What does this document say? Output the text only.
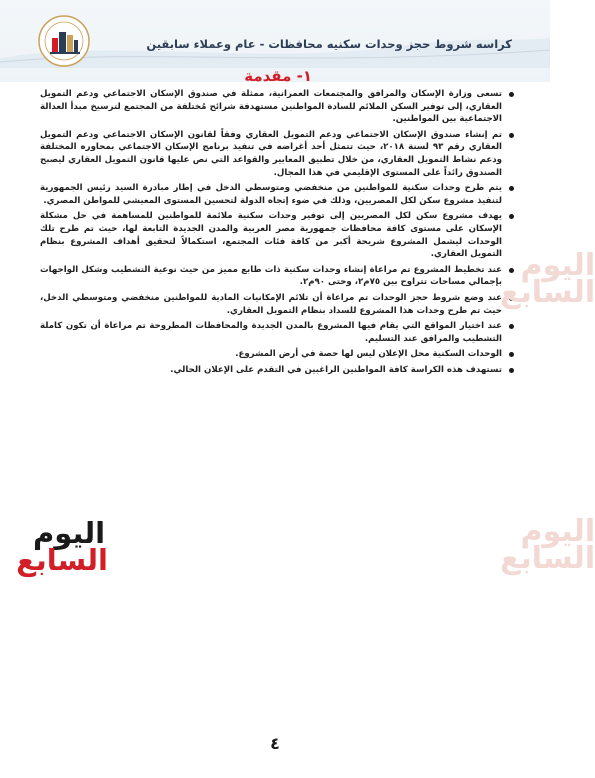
كراسه شروط حجز وحدات سكنيه محافظات - عام وعملاء سابقين
١- مقدمة
تسعى وزارة الإسكان والمرافق والمجتمعات العمرانية، ممثلة في صندوق الإسكان الاجتماعي ودعم التمويل العقاري، إلى توفير السكن الملائم للسادة المواطنين مستهدفة شرائح مُختلفة من المجتمع لترسيخ مبدأ العدالة الاجتماعية بين المواطنين.
تم إنشاء صندوق الإسكان الاجتماعي ودعم التمويل العقاري وفقاً لقانون الإسكان الاجتماعي ودعم التمويل العقاري رقم ٩٣ لسنة ٢٠١٨، حيث تتمثل أحد أغراضه في تنفيذ برنامج الإسكان الاجتماعي بمحاوره المختلفة ودعم نشاط التمويل العقاري، من خلال تطبيق المعايير والقواعد التي نص عليها قانون التمويل العقاري ليصبح الصندوق رائداً على المستوى الإقليمي في هذا المجال.
يتم طرح وحدات سكنية للمواطنين من منخفضي ومتوسطي الدخل في إطار مبادرة السيد رئيس الجمهورية لتنفيذ مشروع سكن لكل المصريين، وذلك في ضوء إتجاه الدولة لتحسين المستوى المعيشي للمواطن المصري.
يهدف مشروع سكن لكل المصريين إلى توفير وحدات سكنية ملائمة للمواطنين للمساهمة في حل مشكلة الإسكان على مستوى كافة محافظات جمهورية مصر العربية والمدن الجديدة التابعة لها، حيث تم طرح تلك الوحدات ليشمل المشروع شريحة أكبر من كافة فئات المجتمع، استكمالاً لتحقيق أهداف المشروع بنظام التمويل العقاري.
عند تخطيط المشروع تم مراعاة إنشاء وحدات سكنية ذات طابع مميز من حيث نوعية التشطيب وشكل الواجهات بإجمالي مساحات تتراوح بين ٧٥م٢، وحتى ٩٠م٢.
عند وضع شروط حجز الوحدات تم مراعاة أن تلائم الإمكانيات المادية للمواطنين منخفضي ومتوسطي الدخل، حيث تم طرح وحدات هذا المشروع للسداد بنظام التمويل العقاري.
عند اختيار المواقع التي يقام فيها المشروع بالمدن الجديدة والمحافظات المطروحة تم مراعاة أن تكون كاملة التشطيب والمرافق عند التسليم.
الوحدات السكنية محل الإعلان ليس لها حصة في أرض المشروع.
تستهدف هذه الكراسة كافة المواطنين الراغبين في التقدم على الإعلان الحالي.
اليوم
السابع
اليوم
السابع
اليوم
السابع
٤
